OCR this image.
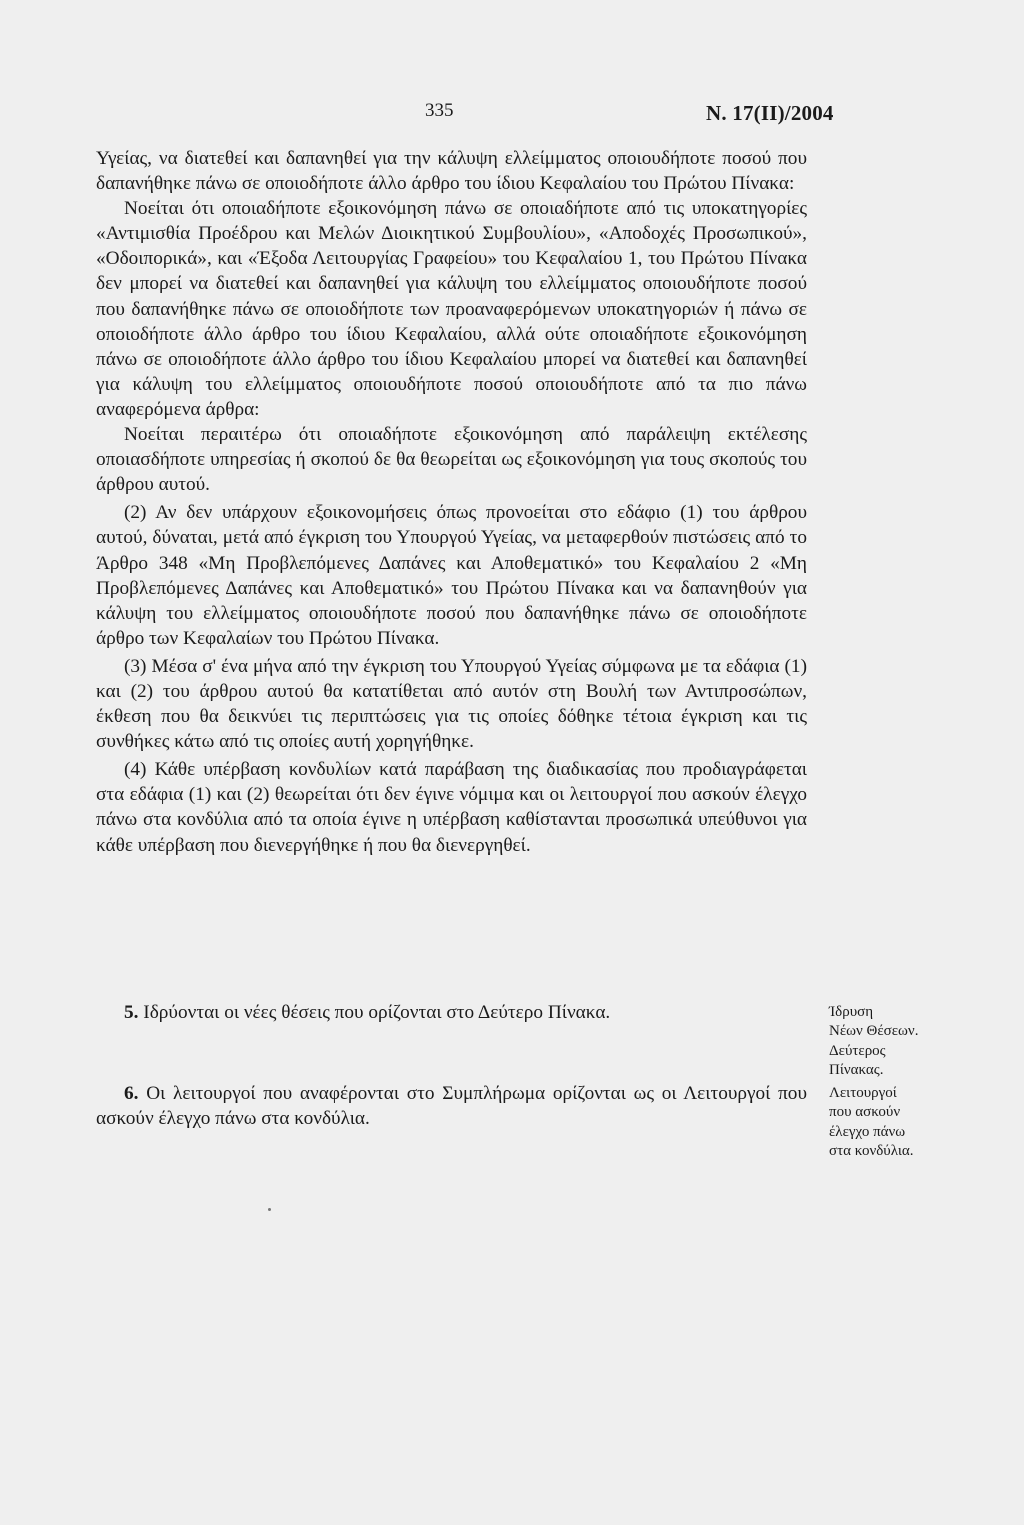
335	Ν. 17(ΙΙ)/2004

Υγείας, να διατεθεί και δαπανηθεί για την κάλυψη ελλείμματος οποιουδήποτε ποσού που δαπανήθηκε πάνω σε οποιοδήποτε άλλο άρθρο του ίδιου Κεφαλαίου του Πρώτου Πίνακα:

Νοείται ότι οποιαδήποτε εξοικονόμηση πάνω σε οποιαδήποτε από τις υποκατηγορίες «Αντιμισθία Προέδρου και Μελών Διοικητικού Συμβουλίου», «Αποδοχές Προσωπικού», «Οδοιπορικά», και «Έξοδα Λειτουργίας Γραφείου» του Κεφαλαίου 1, του Πρώτου Πίνακα δεν μπορεί να διατεθεί και δαπανηθεί για κάλυψη του ελλείμματος οποιουδήποτε ποσού που δαπανήθηκε πάνω σε οποιοδήποτε των προαναφερόμενων υποκατηγοριών ή πάνω σε οποιοδήποτε άλλο άρθρο του ίδιου Κεφαλαίου, αλλά ούτε οποιαδήποτε εξοικονόμηση πάνω σε οποιοδήποτε άλλο άρθρο του ίδιου Κεφαλαίου μπορεί να διατεθεί και δαπανηθεί για κάλυψη του ελλείμματος οποιουδήποτε ποσού οποιουδήποτε από τα πιο πάνω αναφερόμενα άρθρα:

Νοείται περαιτέρω ότι οποιαδήποτε εξοικονόμηση από παράλειψη εκτέλεσης οποιασδήποτε υπηρεσίας ή σκοπού δε θα θεωρείται ως εξοικονόμηση για τους σκοπούς του άρθρου αυτού.

(2) Αν δεν υπάρχουν εξοικονομήσεις όπως προνοείται στο εδάφιο (1) του άρθρου αυτού, δύναται, μετά από έγκριση του Υπουργού Υγείας, να μεταφερθούν πιστώσεις από το Άρθρο 348 «Μη Προβλεπόμενες Δαπάνες και Αποθεματικό» του Κεφαλαίου 2 «Μη Προβλεπόμενες Δαπάνες και Αποθεματικό» του Πρώτου Πίνακα και να δαπανηθούν για κάλυψη του ελλείμματος οποιουδήποτε ποσού που δαπανήθηκε πάνω σε οποιοδήποτε άρθρο των Κεφαλαίων του Πρώτου Πίνακα.

(3) Μέσα σ' ένα μήνα από την έγκριση του Υπουργού Υγείας σύμφωνα με τα εδάφια (1) και (2) του άρθρου αυτού θα κατατίθεται από αυτόν στη Βουλή των Αντιπροσώπων, έκθεση που θα δεικνύει τις περιπτώσεις για τις οποίες δόθηκε τέτοια έγκριση και τις συνθήκες κάτω από τις οποίες αυτή χορηγήθηκε.

(4) Κάθε υπέρβαση κονδυλίων κατά παράβαση της διαδικασίας που προδιαγράφεται στα εδάφια (1) και (2) θεωρείται ότι δεν έγινε νόμιμα και οι λειτουργοί που ασκούν έλεγχο πάνω στα κονδύλια από τα οποία έγινε η υπέρβαση καθίστανται προσωπικά υπεύθυνοι για κάθε υπέρβαση που διενεργήθηκε ή που θα διενεργηθεί.

5. Ιδρύονται οι νέες θέσεις που ορίζονται στο Δεύτερο Πίνακα.

6. Οι λειτουργοί που αναφέρονται στο Συμπλήρωμα ορίζονται ως οι Λειτουργοί που ασκούν έλεγχο πάνω στα κονδύλια.

Ίδρυση
Νέων Θέσεων.
Δεύτερος
Πίνακας.
Λειτουργοί
που ασκούν
έλεγχο πάνω
στα κονδύλια.
